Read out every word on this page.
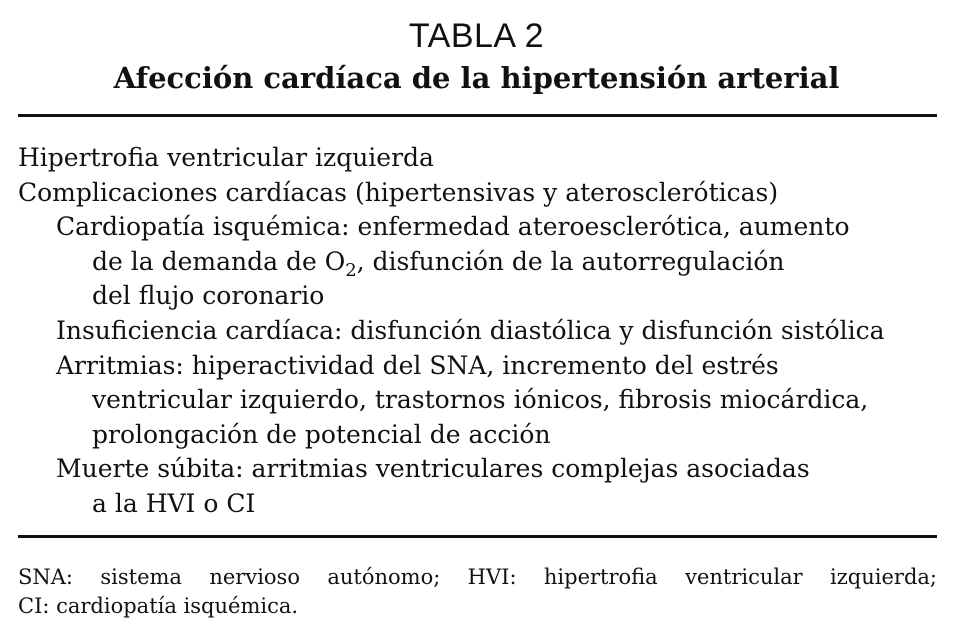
TABLA 2
Afección cardíaca de la hipertensión arterial
Hipertrofia ventricular izquierda
Complicaciones cardíacas (hipertensivas y ateroscleróticas)
Cardiopatía isquémica: enfermedad ateroesclerótica, aumento
de la demanda de $O_2$, disfunción de la autorregulación
del flujo coronario
Insuficiencia cardíaca: disfunción diastólica y disfunción sistólica
Arritmias: hiperactividad del SNA, incremento del estrés
ventricular izquierdo, trastornos iónicos, fibrosis miocárdica,
prolongación de potencial de acción
Muerte súbita: arritmias ventriculares complejas asociadas
a la HVI o CI
SNA: sistema nervioso autónomo; HVI: hipertrofia ventricular izquierda;
CI: cardiopatía isquémica.
